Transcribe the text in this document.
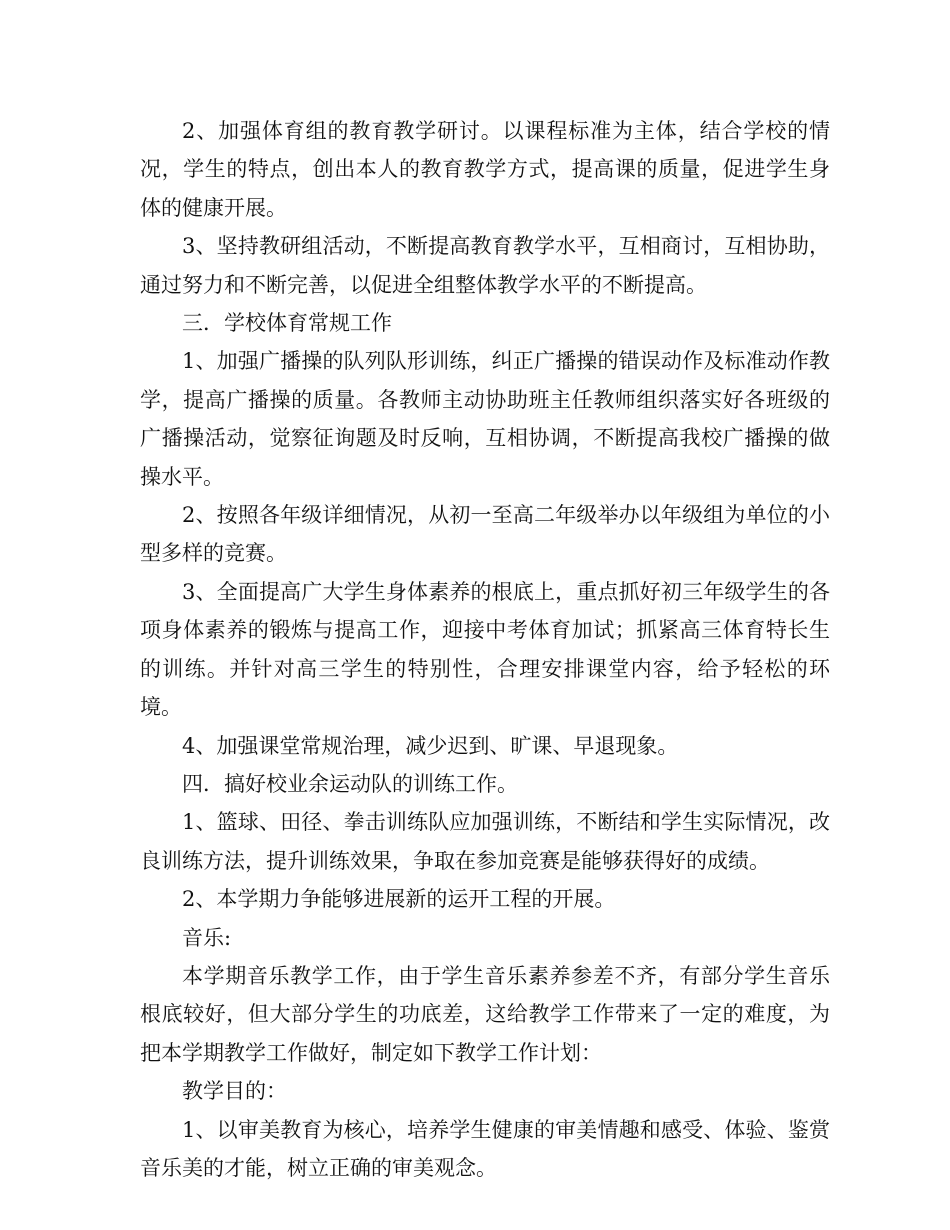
2、加强体育组的教育教学研讨。以课程标准为主体，结合学校的情况，学生的特点，创出本人的教育教学方式，提高课的质量，促进学生身体的健康开展。

3、坚持教研组活动，不断提高教育教学水平，互相商讨，互相协助，通过努力和不断完善，以促进全组整体教学水平的不断提高。

三．学校体育常规工作

1、加强广播操的队列队形训练，纠正广播操的错误动作及标准动作教学，提高广播操的质量。各教师主动协助班主任教师组织落实好各班级的广播操活动，觉察征询题及时反响，互相协调，不断提高我校广播操的做操水平。

2、按照各年级详细情况，从初一至高二年级举办以年级组为单位的小型多样的竞赛。

3、全面提高广大学生身体素养的根底上，重点抓好初三年级学生的各项身体素养的锻炼与提高工作，迎接中考体育加试；抓紧高三体育特长生的训练。并针对高三学生的特别性，合理安排课堂内容，给予轻松的环境。

4、加强课堂常规治理，减少迟到、旷课、早退现象。

四．搞好校业余运动队的训练工作。

1、篮球、田径、拳击训练队应加强训练，不断结和学生实际情况，改良训练方法，提升训练效果，争取在参加竞赛是能够获得好的成绩。

2、本学期力争能够进展新的运开工程的开展。

音乐:

本学期音乐教学工作，由于学生音乐素养参差不齐，有部分学生音乐根底较好，但大部分学生的功底差，这给教学工作带来了一定的难度，为把本学期教学工作做好，制定如下教学工作计划：

教学目的：

1、以审美教育为核心，培养学生健康的审美情趣和感受、体验、鉴赏音乐美的才能，树立正确的审美观念。
